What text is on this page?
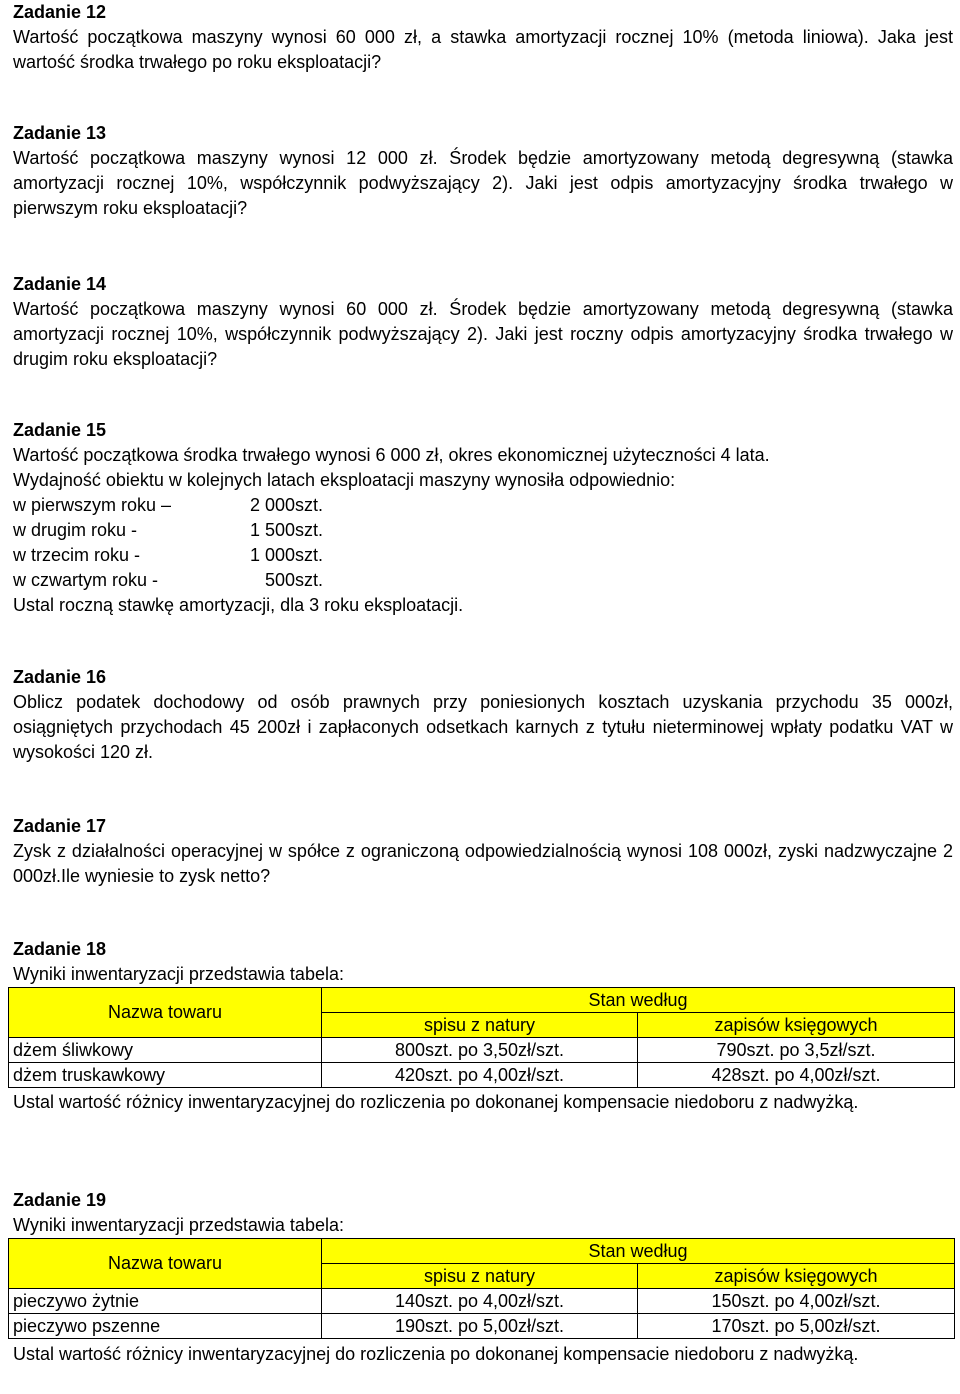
Zadanie 12
Wartość początkowa maszyny wynosi 60 000 zł, a stawka amortyzacji rocznej 10% (metoda liniowa). Jaka jest wartość środka trwałego po roku eksploatacji?
Zadanie 13
Wartość początkowa maszyny wynosi 12 000 zł. Środek będzie amortyzowany metodą degresywną (stawka amortyzacji rocznej 10%, współczynnik podwyższający 2). Jaki jest odpis amortyzacyjny środka trwałego w pierwszym roku eksploatacji?
Zadanie 14
Wartość początkowa maszyny wynosi 60 000 zł. Środek będzie amortyzowany metodą degresywną (stawka amortyzacji rocznej 10%, współczynnik podwyższający 2). Jaki jest roczny odpis amortyzacyjny środka trwałego w drugim roku eksploatacji?
Zadanie 15
Wartość początkowa środka trwałego wynosi 6 000 zł, okres ekonomicznej użyteczności 4 lata.
Wydajność obiektu w kolejnych latach eksploatacji maszyny wynosiła odpowiednio:
w pierwszym roku –	2 000szt.
w drugim roku -	1 500szt.
w trzecim roku -	1 000szt.
w czwartym roku -	500szt.
Ustal roczną stawkę amortyzacji, dla 3 roku eksploatacji.
Zadanie 16
Oblicz podatek dochodowy od osób prawnych przy poniesionych kosztach uzyskania przychodu 35 000zł, osiągniętych przychodach 45 200zł i zapłaconych odsetkach karnych z tytułu nieterminowej wpłaty podatku VAT w wysokości 120 zł.
Zadanie 17
Zysk z działalności operacyjnej w spółce z ograniczoną odpowiedzialnością wynosi 108 000zł, zyski nadzwyczajne 2 000zł.Ile wyniesie to zysk netto?
Zadanie 18
Wyniki inwentaryzacji przedstawia tabela:
Nazwa towaru	Stan według	
	spisu z natury	zapisów księgowych
dżem śliwkowy	800szt. po 3,50zł/szt.	790szt. po 3,5zł/szt.
dżem truskawkowy	420szt. po 4,00zł/szt.	428szt. po 4,00zł/szt.
Ustal wartość różnicy inwentaryzacyjnej do rozliczenia po dokonanej kompensacie niedoboru z nadwyżką.
Zadanie 19
Wyniki inwentaryzacji przedstawia tabela:
Nazwa towaru	Stan według	
	spisu z natury	zapisów księgowych
pieczywo żytnie	140szt. po 4,00zł/szt.	150szt. po 4,00zł/szt.
pieczywo pszenne	190szt. po 5,00zł/szt.	170szt. po 5,00zł/szt.
Ustal wartość różnicy inwentaryzacyjnej do rozliczenia po dokonanej kompensacie niedoboru z nadwyżką.
